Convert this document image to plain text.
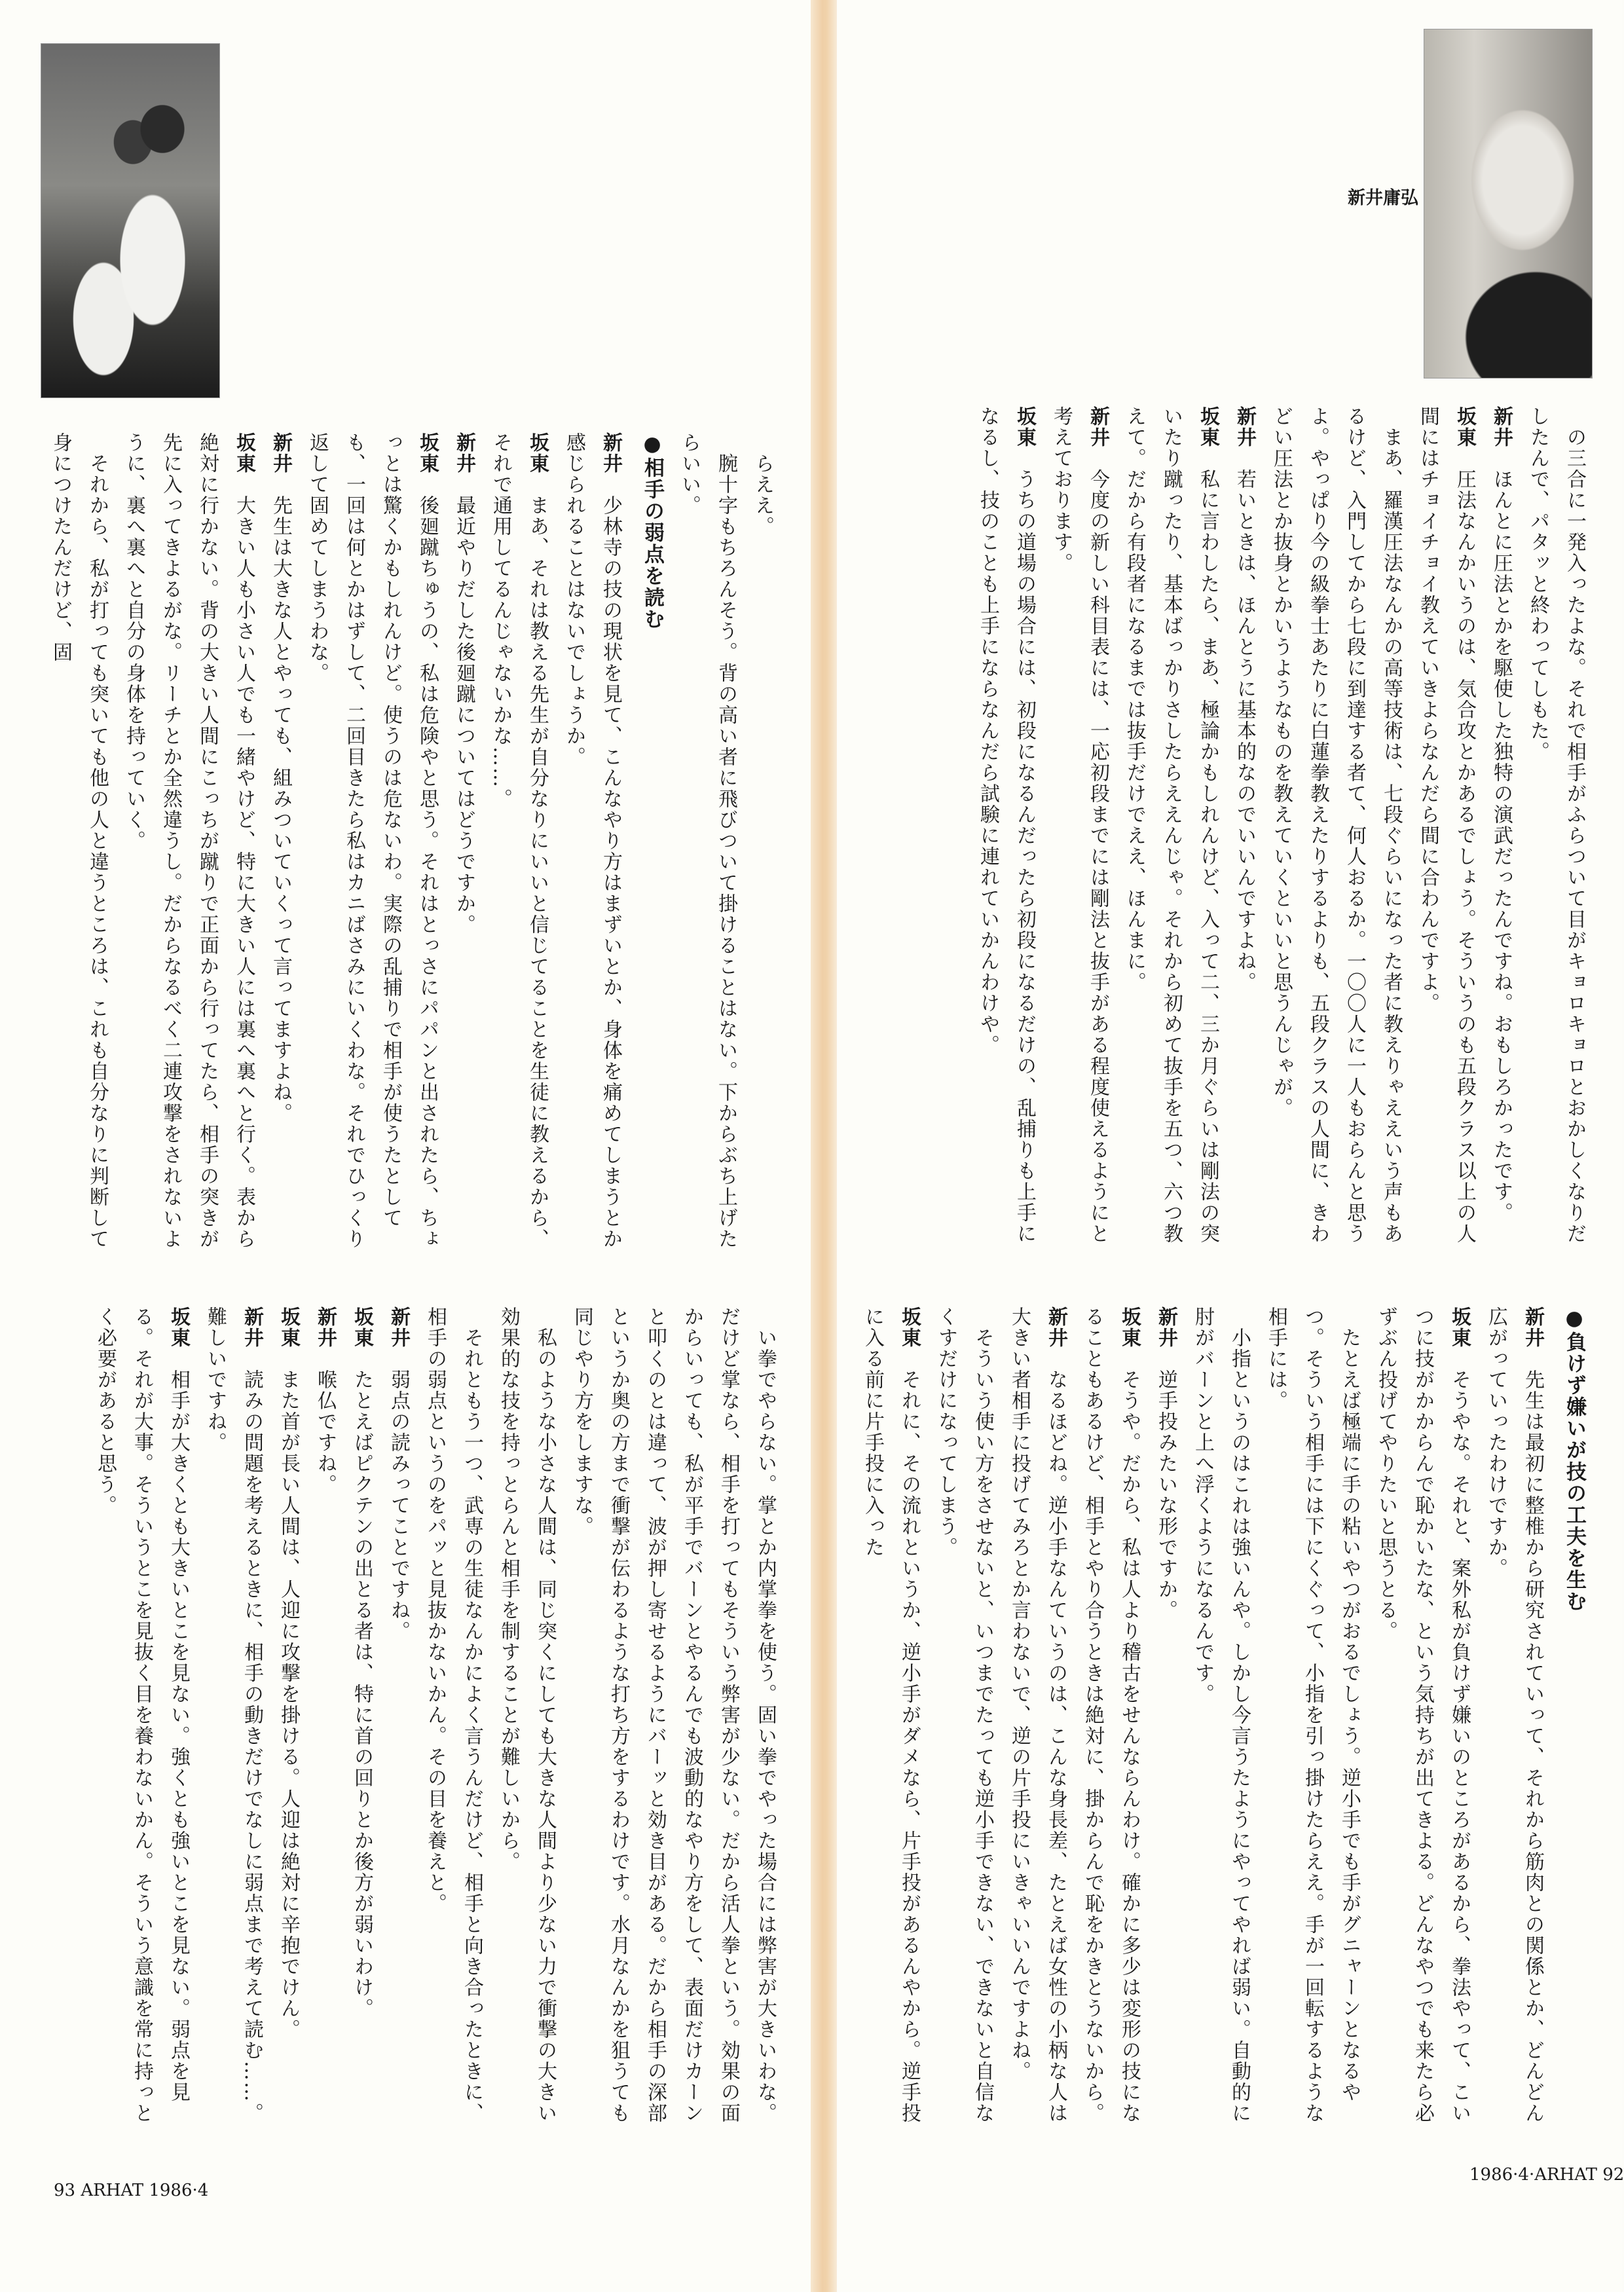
　らええ。

　腕十字もちろんそう。背の高い者に飛びついて掛けることはない。下からぶち上げたらいい。

●相手の弱点を読む

新井　少林寺の技の現状を見て、こんなやり方はまずいとか、身体を痛めてしまうとか感じられることはないでしょうか。

坂東　まあ、それは教える先生が自分なりにいいと信じてることを生徒に教えるから、それで通用してるんじゃないかな……。

新井　最近やりだした後廻蹴についてはどうですか。

坂東　後廻蹴ちゅうの、私は危険やと思う。それはとっさにパパンと出されたら、ちょっとは驚くかもしれんけど。使うのは危ないわ。実際の乱捕りで相手が使うたとしても、一回は何とかはずして、二回目きたら私はカニばさみにいくわな。それでひっくり返して固めてしまうわな。

新井　先生は大きな人とやっても、組みついていくって言ってますよね。

坂東　大きい人も小さい人でも一緒やけど、特に大きい人には裏へ裏へと行く。表から絶対に行かない。背の大きい人間にこっちが蹴りで正面から行ってたら、相手の突きが先に入ってきよるがな。リーチとか全然違うし。だからなるべく二連攻撃をされないように、裏へ裏へと自分の身体を持っていく。

　それから、私が打っても突いても他の人と違うところは、これも自分なりに判断して身につけたんだけど、固

　い拳でやらない。掌とか内掌拳を使う。固い拳でやった場合には弊害が大きいわな。だけど掌なら、相手を打ってもそういう弊害が少ない。だから活人拳という。効果の面からいっても、私が平手でバーンとやるんでも波動的なやり方をして、表面だけカーンと叩くのとは違って、波が押し寄せるようにバーッと効き目がある。だから相手の深部というか奥の方まで衝撃が伝わるような打ち方をするわけです。水月なんかを狙うても同じやり方をしますな。

　私のような小さな人間は、同じ突くにしても大きな人間より少ない力で衝撃の大きい効果的な技を持っとらんと相手を制することが難しいから。

　それともう一つ、武専の生徒なんかによく言うんだけど、相手と向き合ったときに、相手の弱点というのをパッと見抜かないかん。その目を養えと。

新井　弱点の読みってことですね。

坂東　たとえばピクテンの出とる者は、特に首の回りとか後方が弱いわけ。

新井　喉仏ですね。

坂東　また首が長い人間は、人迎に攻撃を掛ける。人迎は絶対に辛抱でけん。

新井　読みの問題を考えるときに、相手の動きだけでなしに弱点まで考えて読む……。難しいですね。

坂東　相手が大きくとも大きいとこを見ない。強くとも強いとこを見ない。弱点を見る。それが大事。そういうとこを見抜く目を養わないかん。そういう意識を常に持っとく必要があると思う。

93 ARHAT 1986·4
新井庸弘

　の三合に一発入ったよな。それで相手がふらついて目がキョロキョロとおかしくなりだしたんで、パタッと終わってしもた。

新井　ほんとに圧法とかを駆使した独特の演武だったんですね。おもしろかったです。

坂東　圧法なんかいうのは、気合攻とかあるでしょう。そういうのも五段クラス以上の人間にはチョイチョイ教えていきよらなんだら間に合わんですよ。

　まあ、羅漢圧法なんかの高等技術は、七段ぐらいになった者に教えりゃええいう声もあるけど、入門してから七段に到達する者て、何人おるか。一〇〇人に一人もおらんと思うよ。やっぱり今の級拳士あたりに白蓮拳教えたりするよりも、五段クラスの人間に、きわどい圧法とか抜身とかいうようなものを教えていくといいと思うんじゃが。

新井　若いときは、ほんとうに基本的なのでいいんですよね。

坂東　私に言わしたら、まあ、極論かもしれんけど、入って二、三か月ぐらいは剛法の突いたり蹴ったり、基本ばっかりさしたらええんじゃ。それから初めて抜手を五つ、六つ教えて。だから有段者になるまでは抜手だけでええ、ほんまに。

新井　今度の新しい科目表には、一応初段までには剛法と抜手がある程度使えるようにと考えております。

坂東　うちの道場の場合には、初段になるんだったら初段になるだけの、乱捕りも上手になるし、技のことも上手にならなんだら試験に連れていかんわけや。

●負けず嫌いが技の工夫を生む

新井　先生は最初に整椎から研究されていって、それから筋肉との関係とか、どんどん広がっていったわけですか。

坂東　そうやな。それと、案外私が負けず嫌いのところがあるから、拳法やって、こいつに技がかからんで恥かいたな、という気持ちが出てきよる。どんなやつでも来たら必ずぶん投げてやりたいと思うとる。

　たとえば極端に手の粘いやつがおるでしょう。逆小手でも手がグニャーンとなるやつ。そういう相手には下にくぐって、小指を引っ掛けたらええ。手が一回転するような相手には。

　小指というのはこれは強いんや。しかし今言うたようにやってやれば弱い。自動的に肘がバーンと上へ浮くようになるんです。

新井　逆手投みたいな形ですか。

坂東　そうや。だから、私は人より稽古をせんならんわけ。確かに多少は変形の技になることもあるけど、相手とやり合うときは絶対に、掛からんで恥をかきとうないから。

新井　なるほどね。逆小手なんていうのは、こんな身長差、たとえば女性の小柄な人は大きい者相手に投げてみろとか言わないで、逆の片手投にいきゃいいんですよね。

　そういう使い方をさせないと、いつまでたっても逆小手できない、できないと自信なくすだけになってしまう。

坂東　それに、その流れというか、逆小手がダメなら、片手投があるんやから。逆手投に入る前に片手投に入った

1986·4·ARHAT 92
